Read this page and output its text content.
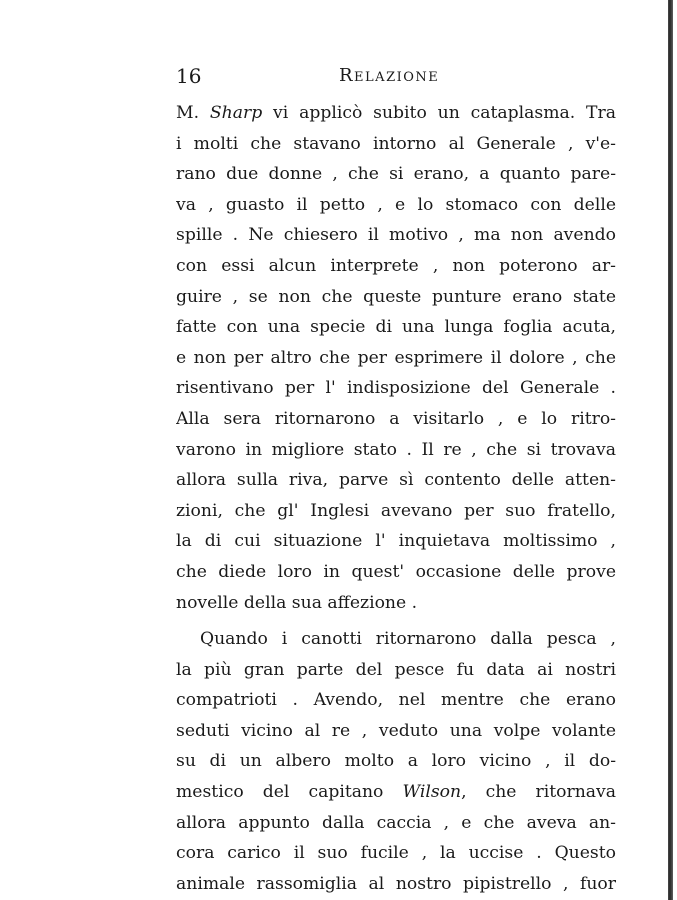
16	Relazione
M. Sharp vi applicò subito un cataplasma. Tra
i molti che stavano intorno al Generale , v'e-
rano due donne , che si erano, a quanto pare-
va , guasto il petto , e lo stomaco con delle
spille . Ne chiesero il motivo , ma non avendo
con essi alcun interprete , non poterono ar-
guire , se non che queste punture erano state
fatte con una specie di una lunga foglia acuta,
e non per altro che per esprimere il dolore , che
risentivano per l' indisposizione del Generale .
Alla sera ritornarono a visitarlo , e lo ritro-
varono in migliore stato . Il re , che si trovava
allora sulla riva, parve sì contento delle atten-
zioni, che gl' Inglesi avevano per suo fratello,
la di cui situazione l' inquietava moltissimo ,
che diede loro in quest' occasione delle prove
novelle della sua affezione .
Quando i canotti ritornarono dalla pesca ,
la più gran parte del pesce fu data ai nostri
compatrioti . Avendo, nel mentre che erano
seduti vicino al re , veduto una volpe volante
su di un albero molto a loro vicino , il do-
mestico del capitano Wilson, che ritornava
allora appunto dalla caccia , e che aveva an-
cora carico il suo fucile , la uccise . Questo
animale rassomiglia al nostro pipistrello , fuor
